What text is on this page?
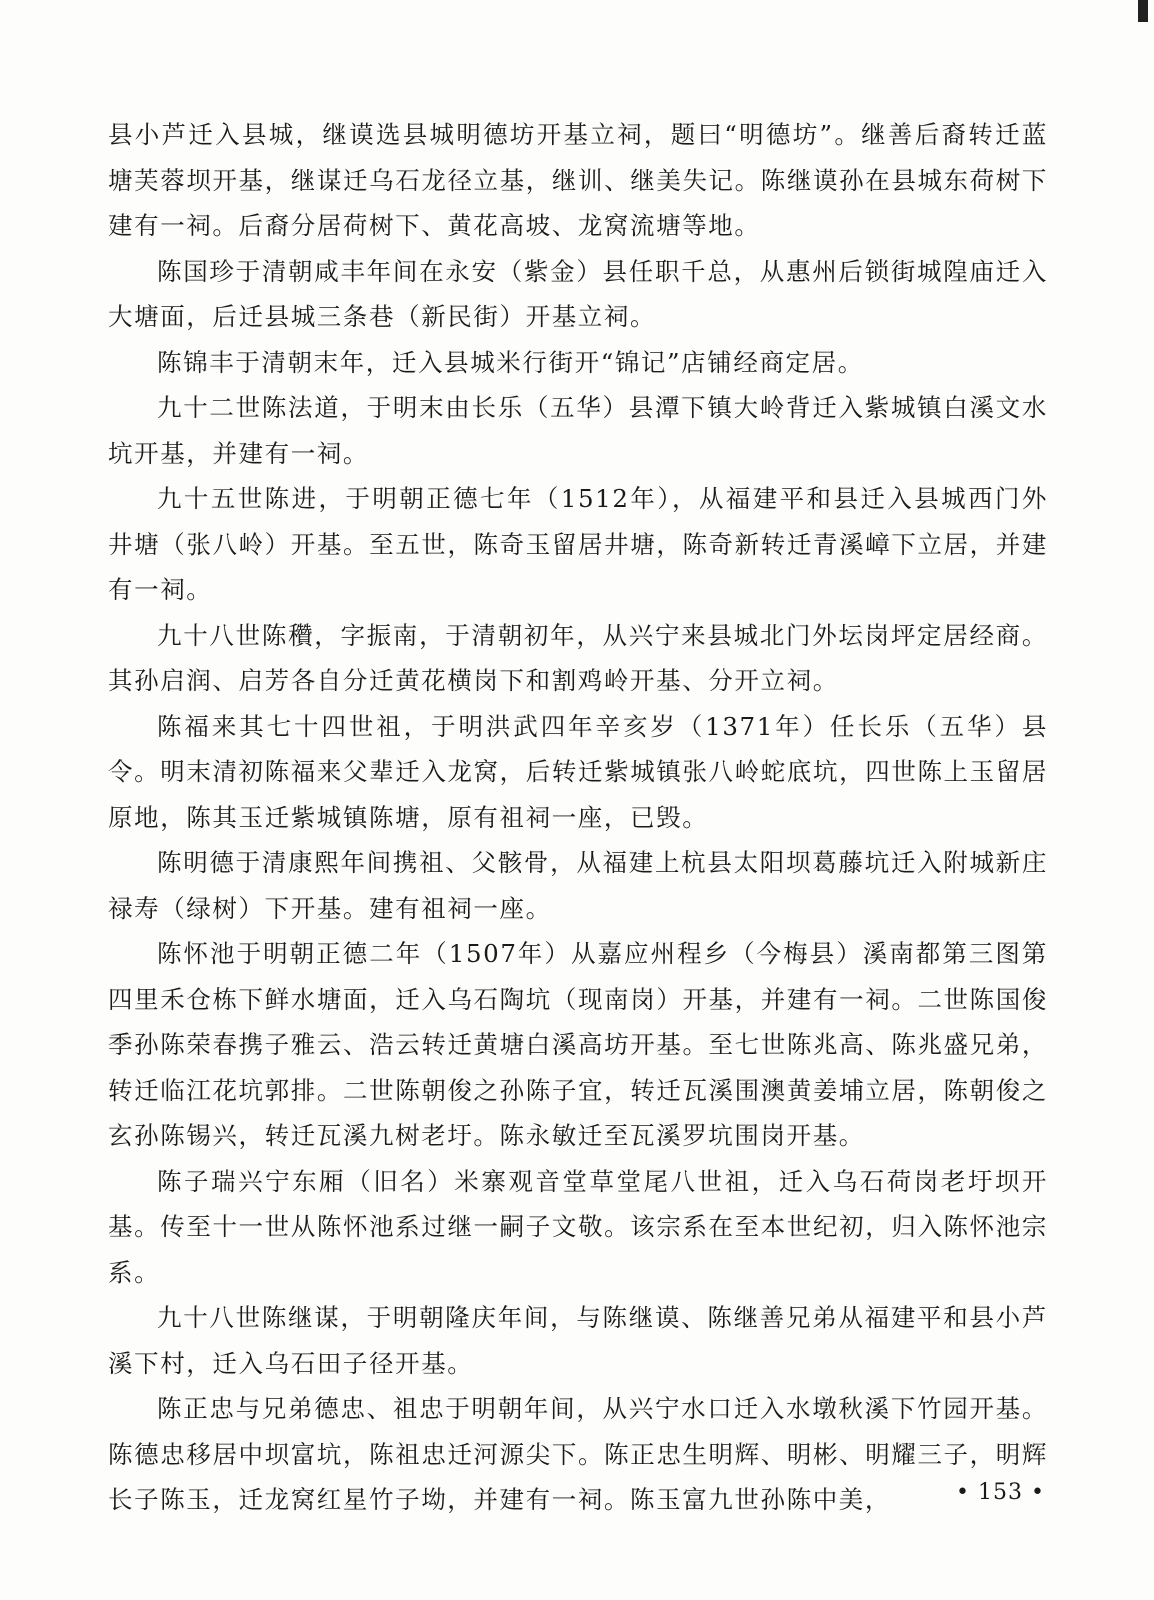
县小芦迁入县城，继谟选县城明德坊开基立祠，题曰“明德坊”。继善后裔转迁蓝塘芙蓉坝开基，继谋迁乌石龙径立基，继训、继美失记。陈继谟孙在县城东荷树下建有一祠。后裔分居荷树下、黄花高坡、龙窝流塘等地。

陈国珍于清朝咸丰年间在永安（紫金）县任职千总，从惠州后锁街城隍庙迁入大塘面，后迁县城三条巷（新民街）开基立祠。

陈锦丰于清朝末年，迁入县城米行街开“锦记”店铺经商定居。

九十二世陈法道，于明末由长乐（五华）县潭下镇大岭背迁入紫城镇白溪文水坑开基，并建有一祠。

九十五世陈进，于明朝正德七年（1512年），从福建平和县迁入县城西门外井塘（张八岭）开基。至五世，陈奇玉留居井塘，陈奇新转迁青溪嶂下立居，并建有一祠。

九十八世陈穳，字振南，于清朝初年，从兴宁来县城北门外坛岗坪定居经商。其孙启润、启芳各自分迁黄花横岗下和割鸡岭开基、分开立祠。

陈福来其七十四世祖，于明洪武四年辛亥岁（1371年）任长乐（五华）县令。明末清初陈福来父辈迁入龙窝，后转迁紫城镇张八岭蛇底坑，四世陈上玉留居原地，陈其玉迁紫城镇陈塘，原有祖祠一座，已毁。

陈明德于清康熙年间携祖、父骸骨，从福建上杭县太阳坝葛藤坑迁入附城新庄禄寿（绿树）下开基。建有祖祠一座。

陈怀池于明朝正德二年（1507年）从嘉应州程乡（今梅县）溪南都第三图第四里禾仓栋下鲜水塘面，迁入乌石陶坑（现南岗）开基，并建有一祠。二世陈国俊季孙陈荣春携子雅云、浩云转迁黄塘白溪高坊开基。至七世陈兆高、陈兆盛兄弟，转迁临江花坑郭排。二世陈朝俊之孙陈子宜，转迁瓦溪围澳黄姜埔立居，陈朝俊之玄孙陈锡兴，转迁瓦溪九树老圩。陈永敏迁至瓦溪罗坑围岗开基。

陈子瑞兴宁东厢（旧名）米寨观音堂草堂尾八世祖，迁入乌石荷岗老圩坝开基。传至十一世从陈怀池系过继一嗣子文敬。该宗系在至本世纪初，归入陈怀池宗系。

九十八世陈继谋，于明朝隆庆年间，与陈继谟、陈继善兄弟从福建平和县小芦溪下村，迁入乌石田子径开基。

陈正忠与兄弟德忠、祖忠于明朝年间，从兴宁水口迁入水墩秋溪下竹园开基。陈德忠移居中坝富坑，陈祖忠迁河源尖下。陈正忠生明辉、明彬、明耀三子，明辉长子陈玉，迁龙窝红星竹子坳，并建有一祠。陈玉富九世孙陈中美，	• 153 •
